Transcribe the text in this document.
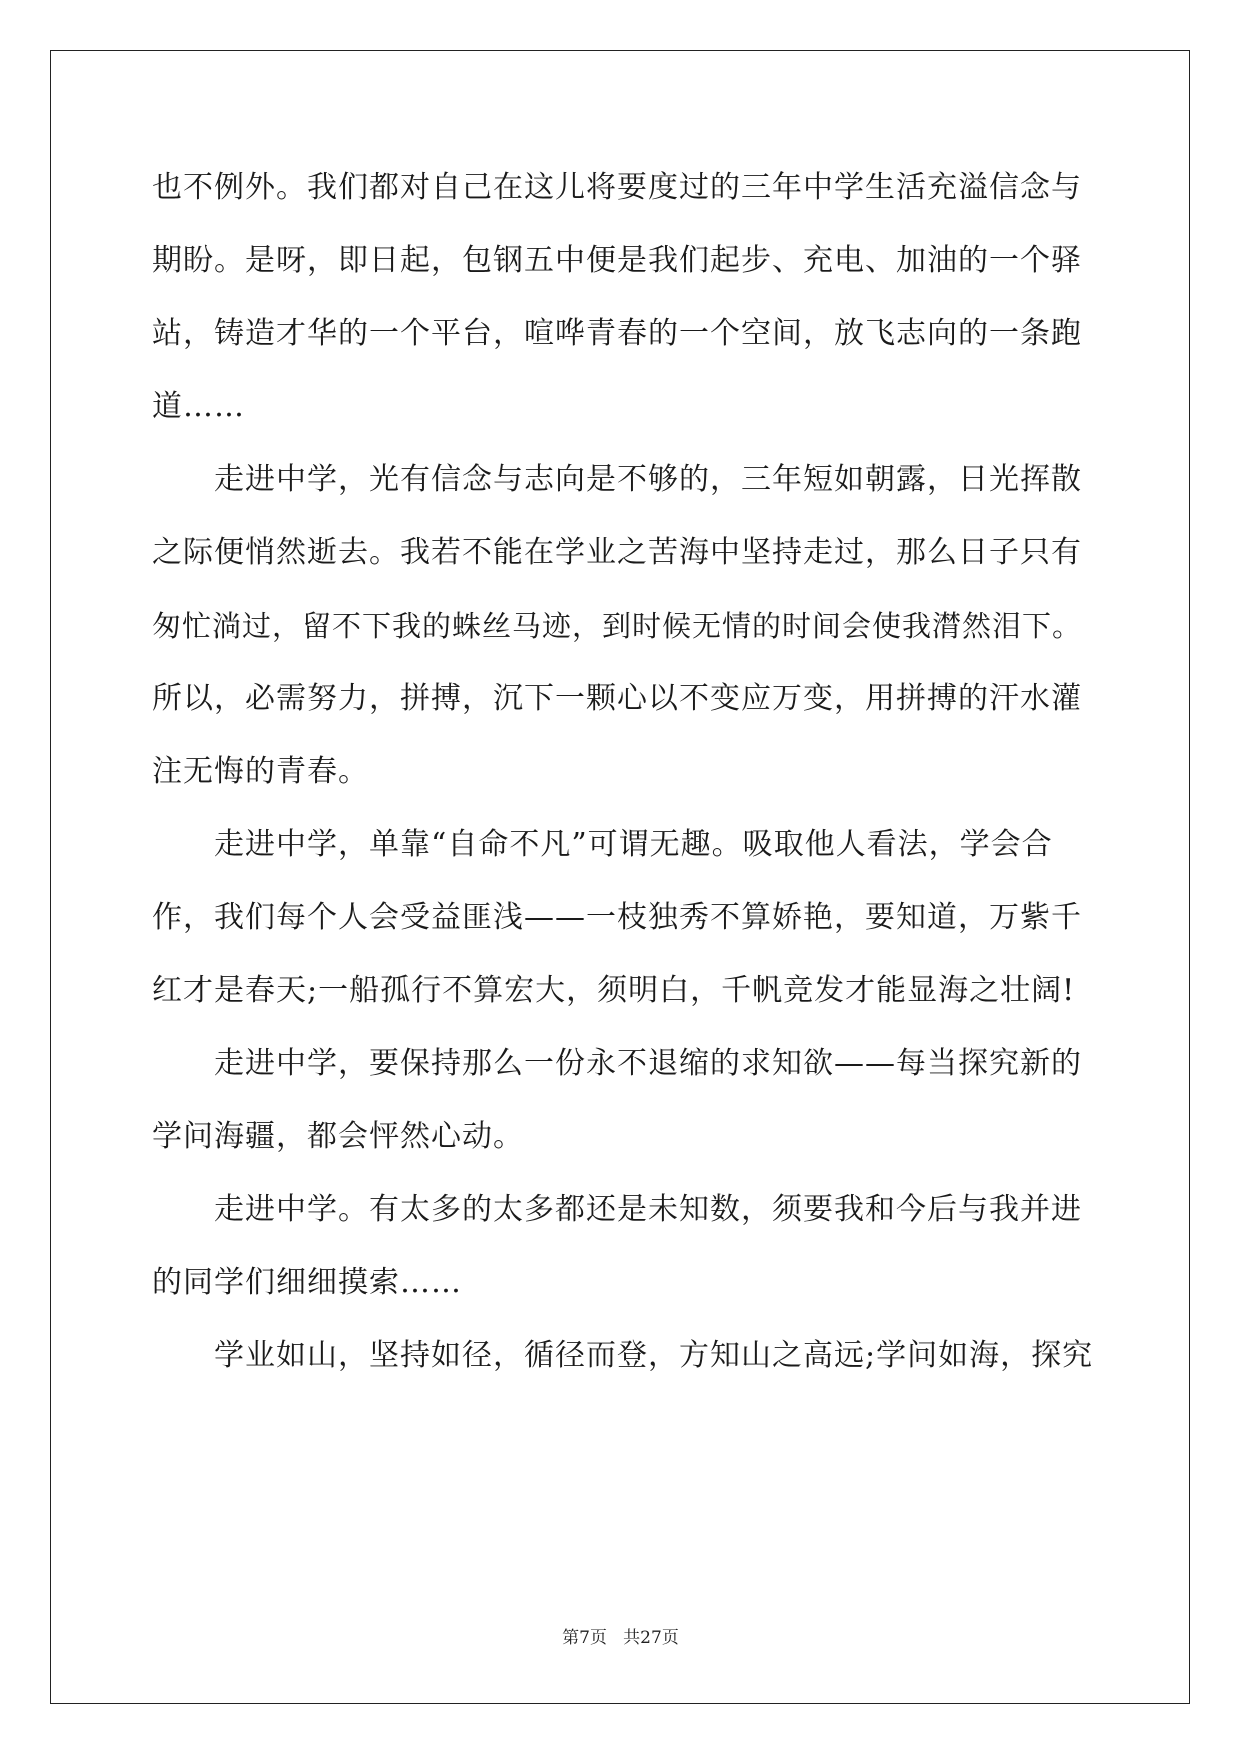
也不例外。我们都对自己在这儿将要度过的三年中学生活充溢信念与
期盼。是呀，即日起，包钢五中便是我们起步、充电、加油的一个驿
站，铸造才华的一个平台，喧哗青春的一个空间，放飞志向的一条跑
道……
走进中学，光有信念与志向是不够的，三年短如朝露，日光挥散
之际便悄然逝去。我若不能在学业之苦海中坚持走过，那么日子只有
匆忙淌过，留不下我的蛛丝马迹，到时候无情的时间会使我潸然泪下。
所以，必需努力，拼搏，沉下一颗心以不变应万变，用拼搏的汗水灌
注无悔的青春。
走进中学，单靠“自命不凡”可谓无趣。吸取他人看法，学会合
作，我们每个人会受益匪浅——一枝独秀不算娇艳，要知道，万紫千
红才是春天;一船孤行不算宏大，须明白，千帆竞发才能显海之壮阔!
走进中学，要保持那么一份永不退缩的求知欲——每当探究新的
学问海疆，都会怦然心动。
走进中学。有太多的太多都还是未知数，须要我和今后与我并进
的同学们细细摸索……
学业如山，坚持如径，循径而登，方知山之高远;学问如海，探究
第7页   共27页
